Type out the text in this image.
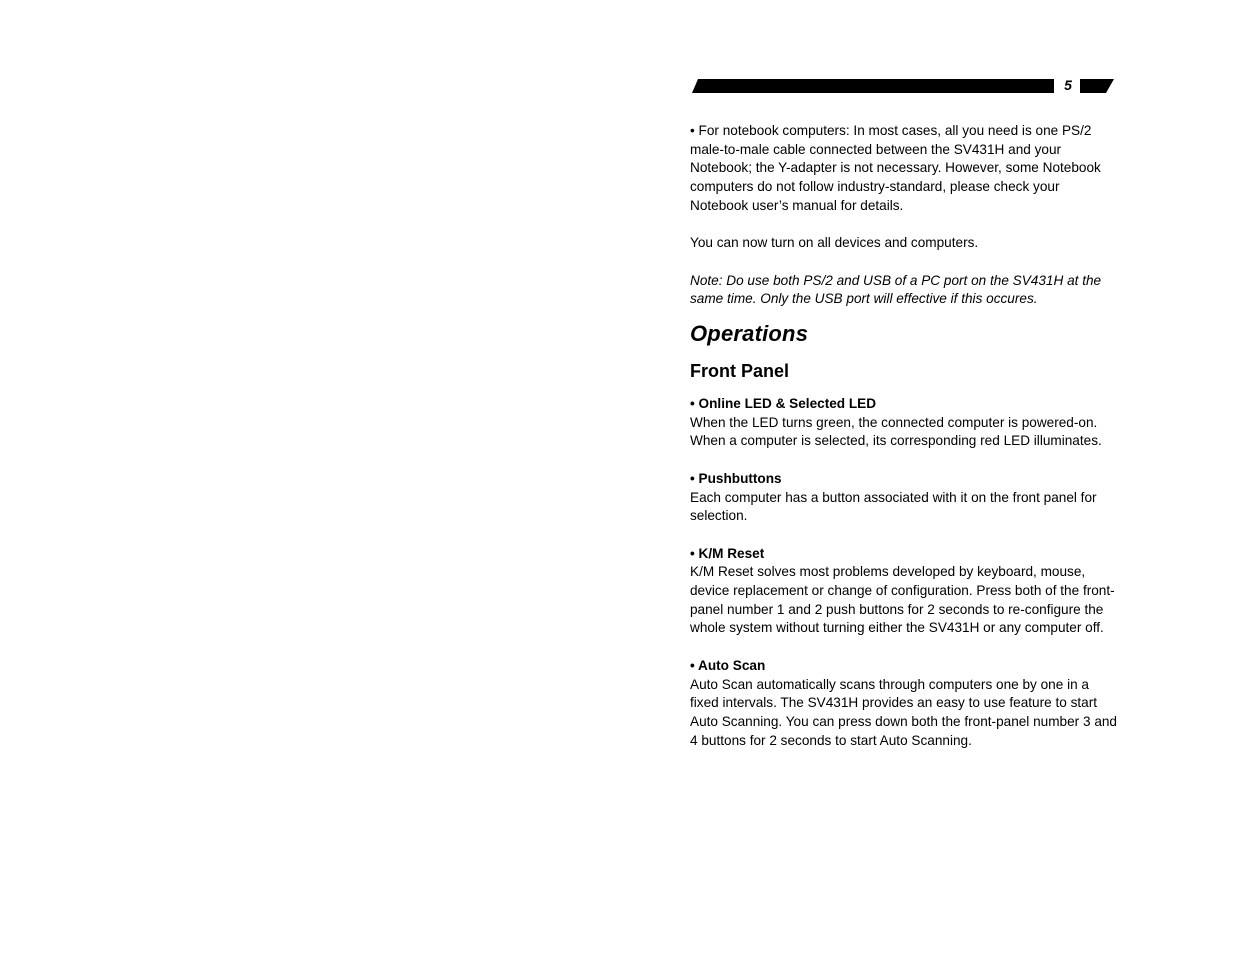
5

• For notebook computers: In most cases, all you need is one PS/2 male-to-male cable connected between the SV431H and your Notebook; the Y-adapter is not necessary. However, some Notebook computers do not follow industry-standard, please check your Notebook user’s manual for details.

You can now turn on all devices and computers.

Note: Do use both PS/2 and USB of a PC port on the SV431H at the same time. Only the USB port will effective if this occures.

Operations
Front Panel
• Online LED & Selected LED
When the LED turns green, the connected computer is powered-on. When a computer is selected, its corresponding red LED illuminates.
• Pushbuttons
Each computer has a button associated with it on the front panel for selection.
• K/M Reset
K/M Reset solves most problems developed by keyboard, mouse, device replacement or change of configuration. Press both of the front-panel number 1 and 2 push buttons for 2 seconds to re-configure the whole system without turning either the SV431H or any computer off.
• Auto Scan
Auto Scan automatically scans through computers one by one in a fixed intervals. The SV431H provides an easy to use feature to start Auto Scanning. You can press down both the front-panel number 3 and 4 buttons for 2 seconds to start Auto Scanning.
